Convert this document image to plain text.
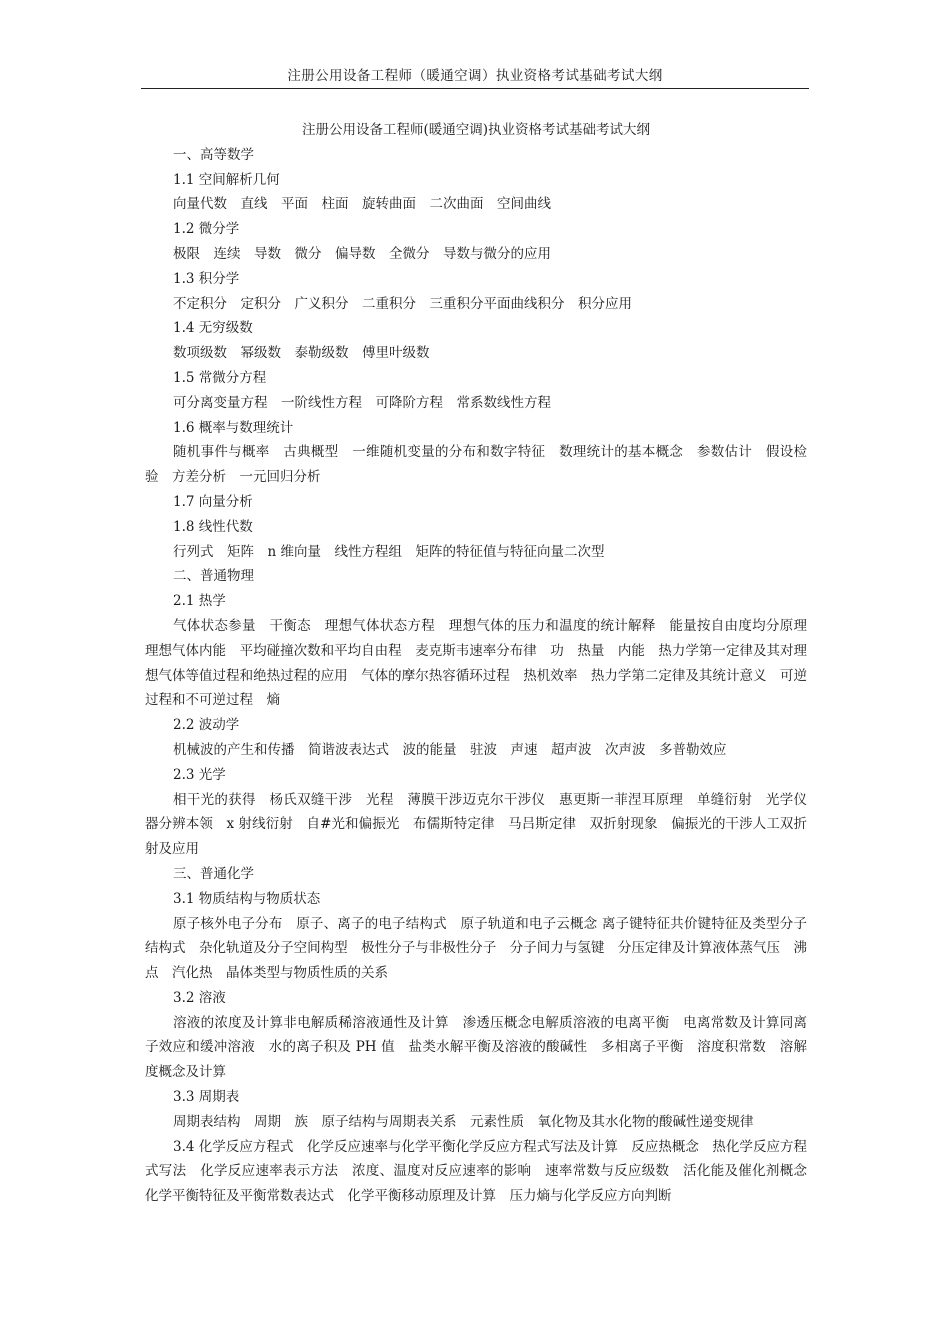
注册公用设备工程师（暖通空调）执业资格考试基础考试大纲

注册公用设备工程师(暖通空调)执业资格考试基础考试大纲

一、高等数学

1.1 空间解析几何

向量代数　直线　平面　柱面　旋转曲面　二次曲面　空间曲线

1.2 微分学

极限　连续　导数　微分　偏导数　全微分　导数与微分的应用

1.3 积分学

不定积分　定积分　广义积分　二重积分　三重积分平面曲线积分　积分应用

1.4 无穷级数

数项级数　幂级数　泰勒级数　傅里叶级数

1.5 常微分方程

可分离变量方程　一阶线性方程　可降阶方程　常系数线性方程

1.6 概率与数理统计

随机事件与概率　古典概型　一维随机变量的分布和数字特征　数理统计的基本概念　参数估计　假设检验　方差分析　一元回归分析

1.7 向量分析

1.8 线性代数

行列式　矩阵　n 维向量　线性方程组　矩阵的特征值与特征向量二次型

二、普通物理

2.1 热学

气体状态参量　干衡态　理想气体状态方程　理想气体的压力和温度的统计解释　能量按自由度均分原理　理想气体内能　平均碰撞次数和平均自由程　麦克斯韦速率分布律　功　热量　内能　热力学第一定律及其对理想气体等值过程和绝热过程的应用　气体的摩尔热容循环过程　热机效率　热力学第二定律及其统计意义　可逆过程和不可逆过程　熵

2.2 波动学

机械波的产生和传播　简谐波表达式　波的能量　驻波　声速　超声波　次声波　多普勒效应

2.3 光学

相干光的获得　杨氏双缝干涉　光程　薄膜干涉迈克尔干涉仪　惠更斯一菲涅耳原理　单缝衍射　光学仪器分辨本领　x 射线衍射　自#光和偏振光　布儒斯特定律　马吕斯定律　双折射现象　偏振光的干涉人工双折射及应用

三、普通化学

3.1 物质结构与物质状态

原子核外电子分布　原子、离子的电子结构式　原子轨道和电子云概念 离子键特征共价键特征及类型分子结构式　杂化轨道及分子空间构型　极性分子与非极性分子　分子间力与氢键　分压定律及计算液体蒸气压　沸点　汽化热　晶体类型与物质性质的关系

3.2 溶液

溶液的浓度及计算非电解质稀溶液通性及计算　渗透压概念电解质溶液的电离平衡　电离常数及计算同离子效应和缓冲溶液　水的离子积及 PH 值　盐类水解平衡及溶液的酸碱性　多相离子平衡　溶度积常数　溶解度概念及计算

3.3 周期表

周期表结构　周期　族　原子结构与周期表关系　元素性质　氧化物及其水化物的酸碱性递变规律

3.4 化学反应方程式　化学反应速率与化学平衡化学反应方程式写法及计算　反应热概念　热化学反应方程式写法　化学反应速率表示方法　浓度、温度对反应速率的影响　速率常数与反应级数　活化能及催化剂概念　化学平衡特征及平衡常数表达式　化学平衡移动原理及计算　压力熵与化学反应方向判断
